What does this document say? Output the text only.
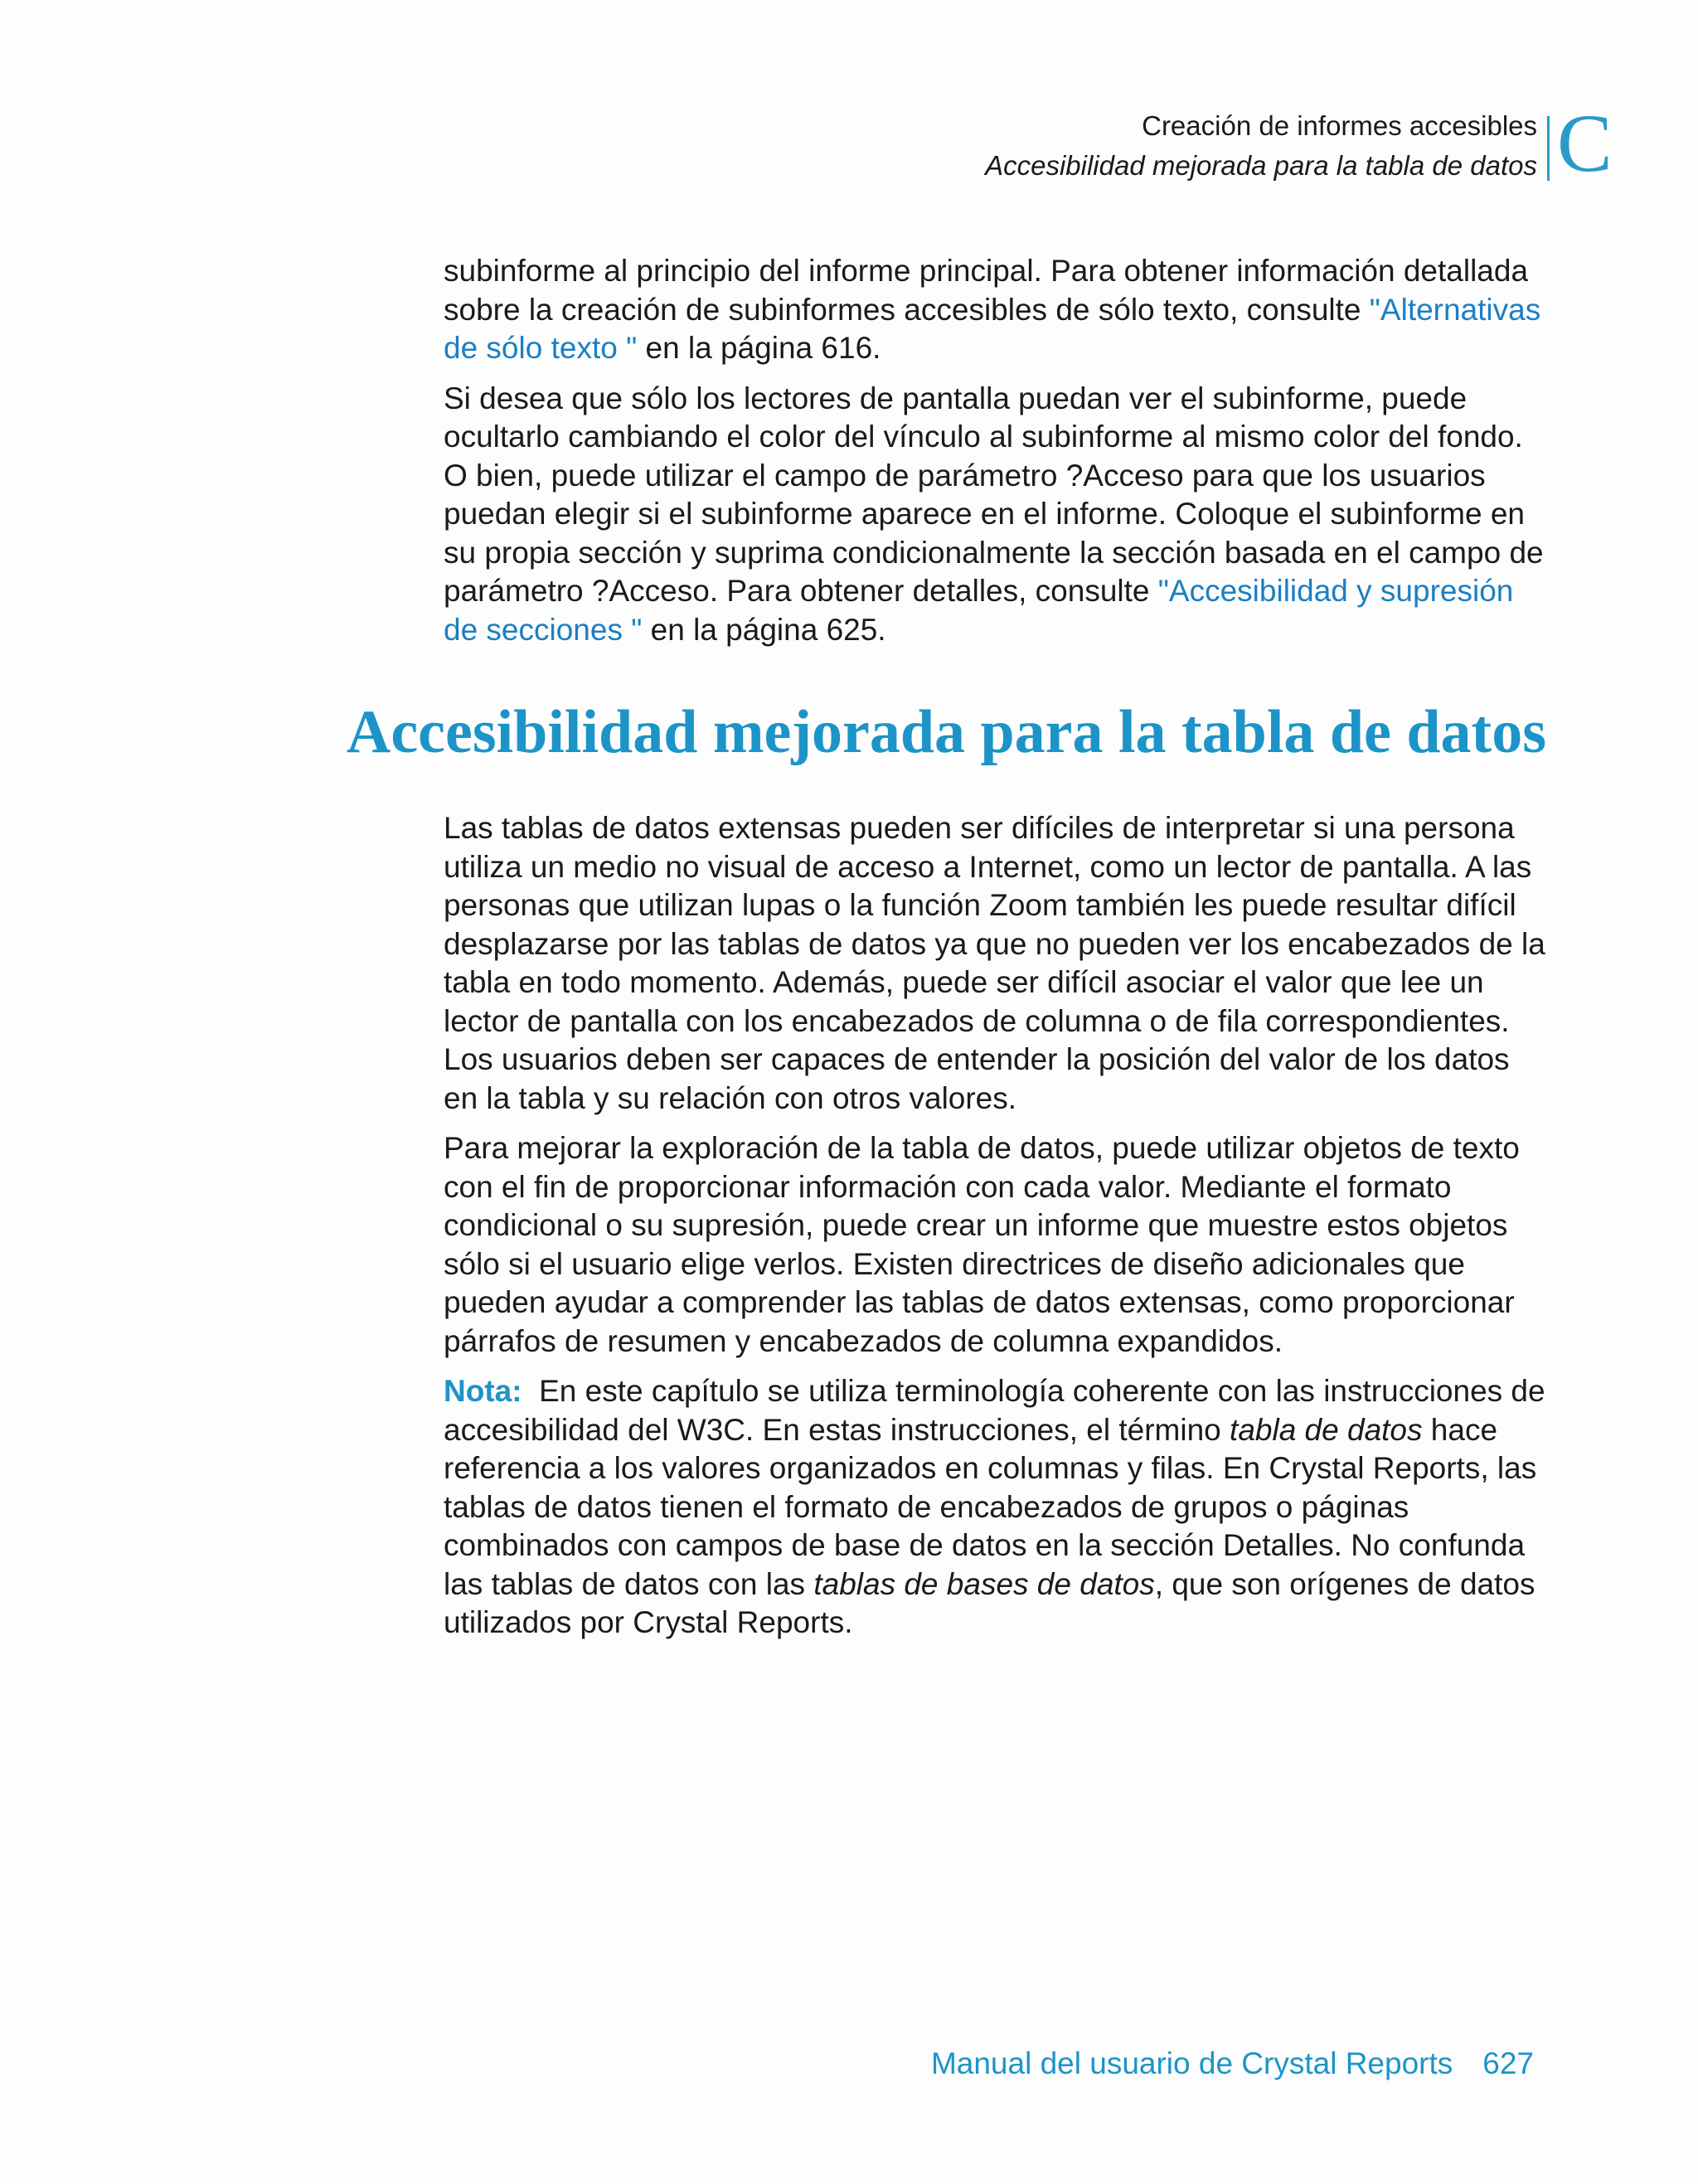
Creación de informes accesibles
Accesibilidad mejorada para la tabla de datos C

subinforme al principio del informe principal. Para obtener información detallada sobre la creación de subinformes accesibles de sólo texto, consulte "Alternativas de sólo texto " en la página 616.

Si desea que sólo los lectores de pantalla puedan ver el subinforme, puede ocultarlo cambiando el color del vínculo al subinforme al mismo color del fondo. O bien, puede utilizar el campo de parámetro ?Acceso para que los usuarios puedan elegir si el subinforme aparece en el informe. Coloque el subinforme en su propia sección y suprima condicionalmente la sección basada en el campo de parámetro ?Acceso. Para obtener detalles, consulte "Accesibilidad y supresión de secciones " en la página 625.

Accesibilidad mejorada para la tabla de datos

Las tablas de datos extensas pueden ser difíciles de interpretar si una persona utiliza un medio no visual de acceso a Internet, como un lector de pantalla. A las personas que utilizan lupas o la función Zoom también les puede resultar difícil desplazarse por las tablas de datos ya que no pueden ver los encabezados de la tabla en todo momento. Además, puede ser difícil asociar el valor que lee un lector de pantalla con los encabezados de columna o de fila correspondientes. Los usuarios deben ser capaces de entender la posición del valor de los datos en la tabla y su relación con otros valores.

Para mejorar la exploración de la tabla de datos, puede utilizar objetos de texto con el fin de proporcionar información con cada valor. Mediante el formato condicional o su supresión, puede crear un informe que muestre estos objetos sólo si el usuario elige verlos. Existen directrices de diseño adicionales que pueden ayudar a comprender las tablas de datos extensas, como proporcionar párrafos de resumen y encabezados de columna expandidos.

Nota: En este capítulo se utiliza terminología coherente con las instrucciones de accesibilidad del W3C. En estas instrucciones, el término tabla de datos hace referencia a los valores organizados en columnas y filas. En Crystal Reports, las tablas de datos tienen el formato de encabezados de grupos o páginas combinados con campos de base de datos en la sección Detalles. No confunda las tablas de datos con las tablas de bases de datos, que son orígenes de datos utilizados por Crystal Reports.

Manual del usuario de Crystal Reports 627
